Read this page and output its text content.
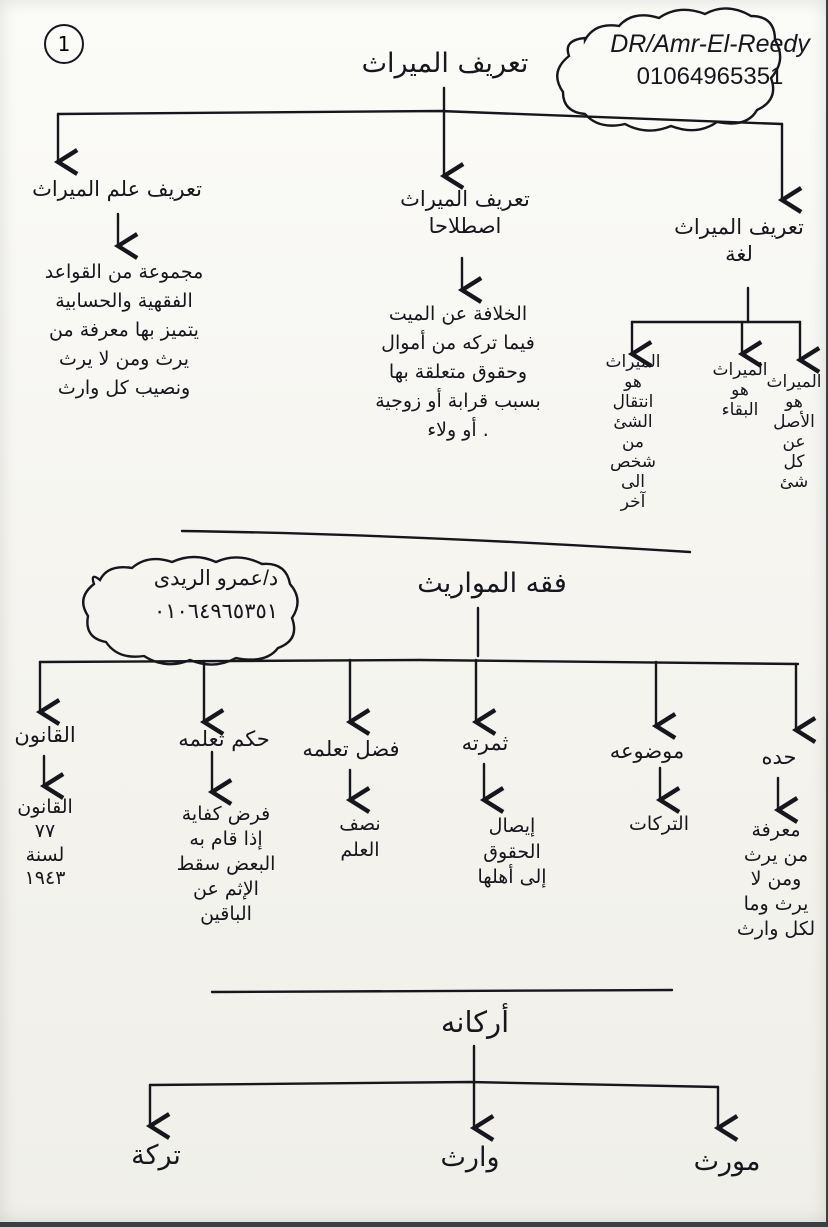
1	DR/Amr-El-Reedy
01064965351
تعريف الميراث
تعريف علم الميراث
مجموعة من القواعد
الفقهية والحسابية
يتميز بها معرفة من
يرث ومن لا يرث
ونصيب كل وارث
تعريف الميراث
اصطلاحا
الخلافة عن الميت
فيما تركه من أموال
وحقوق متعلقة بها
بسبب قرابة أو زوجية
أو ولاء .
تعريف الميراث
لغة
الميراث
هو
انتقال
الشئ
من
شخص
الى
آخر
الميراث
هو
البقاء
الميراث
هو
الأصل
عن
كل
شئ
د/عمرو الريدى
٠١٠٦٤٩٦٥٣٥١
فقه المواريث
القانون
القانون
٧٧
لسنة
١٩٤٣
حكم تعلمه
فرض كفاية
إذا قام به
البعض سقط
الإثم عن
الباقين
فضل تعلمه
نصف
العلم
ثمرته
إيصال
الحقوق
إلى أهلها
موضوعه
التركات
حده
معرفة
من يرث
ومن لا
يرث وما
لكل وارث
أركانه
تركة	وارث	مورث
